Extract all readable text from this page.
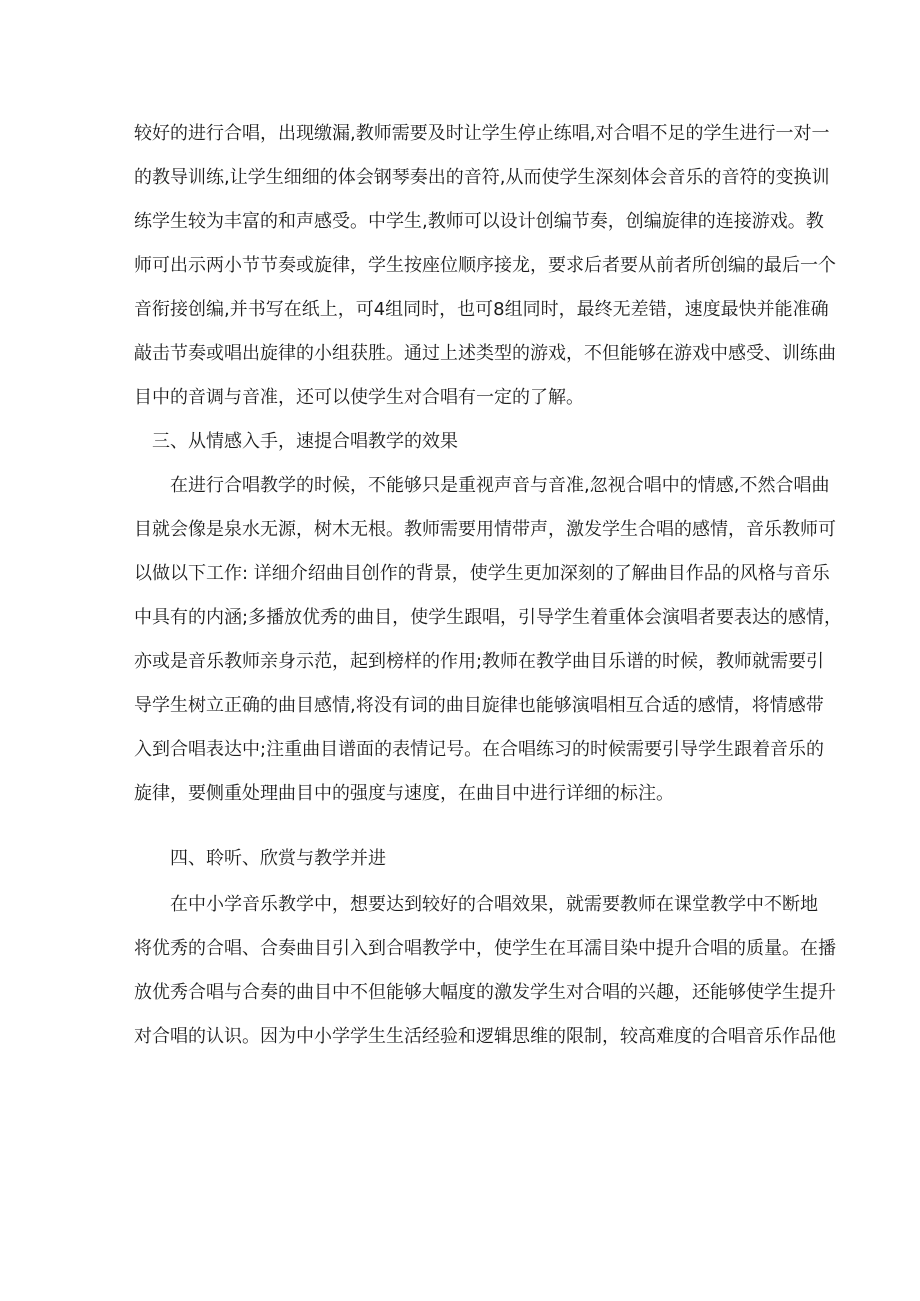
较好的进行合唱，出现缴漏,教师需要及时让学生停止练唱,对合唱不足的学生进行一对一
的教导训练,让学生细细的体会钢琴奏出的音符,从而使学生深刻体会音乐的音符的变换训
练学生较为丰富的和声感受。中学生,教师可以设计创编节奏，创编旋律的连接游戏。教
师可出示两小节节奏或旋律，学生按座位顺序接龙，要求后者要从前者所创编的最后一个
音衔接创编,并书写在纸上，可4组同时，也可8组同时，最终无差错，速度最快并能准确
敲击节奏或唱出旋律的小组获胜。通过上述类型的游戏，不但能够在游戏中感受、训练曲
目中的音调与音准，还可以使学生对合唱有一定的了解。
三、从情感入手，速提合唱教学的效果
在进行合唱教学的时候，不能够只是重视声音与音准,忽视合唱中的情感,不然合唱曲
目就会像是泉水无源，树木无根。教师需要用情带声，激发学生合唱的感情，音乐教师可
以做以下工作: 详细介绍曲目创作的背景，使学生更加深刻的了解曲目作品的风格与音乐
中具有的内涵;多播放优秀的曲目，使学生跟唱，引导学生着重体会演唱者要表达的感情，
亦或是音乐教师亲身示范，起到榜样的作用;教师在教学曲目乐谱的时候，教师就需要引
导学生树立正确的曲目感情,将没有词的曲目旋律也能够演唱相互合适的感情，将情感带
入到合唱表达中;注重曲目谱面的表情记号。在合唱练习的时候需要引导学生跟着音乐的
旋律，要侧重处理曲目中的强度与速度，在曲目中进行详细的标注。
四、聆听、欣赏与教学并进
在中小学音乐教学中，想要达到较好的合唱效果，就需要教师在课堂教学中不断地
将优秀的合唱、合奏曲目引入到合唱教学中，使学生在耳濡目染中提升合唱的质量。在播
放优秀合唱与合奏的曲目中不但能够大幅度的激发学生对合唱的兴趣，还能够使学生提升
对合唱的认识。因为中小学学生生活经验和逻辑思维的限制，较高难度的合唱音乐作品他
